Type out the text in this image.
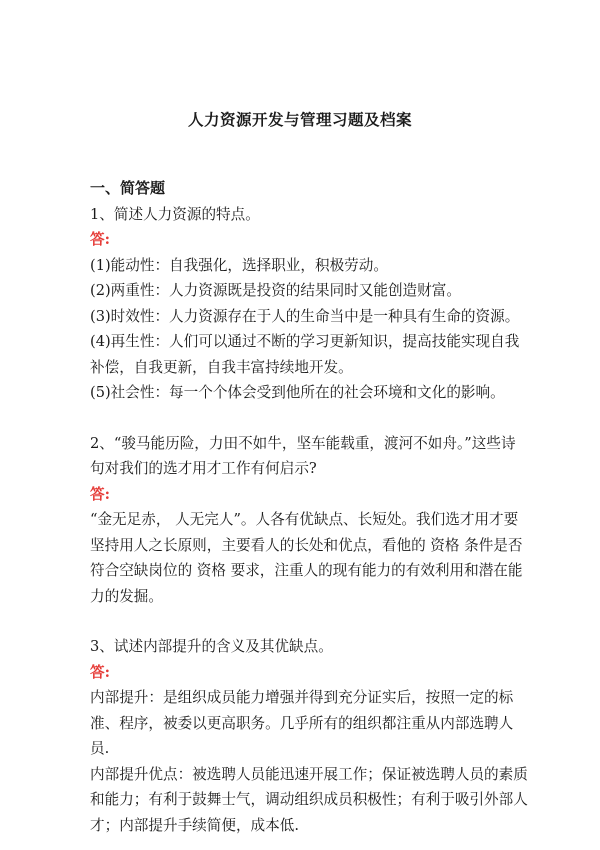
人力资源开发与管理习题及档案

一、简答题

1、简述人力资源的特点。

答:

(1)能动性：自我强化，选择职业，积极劳动。

(2)两重性：人力资源既是投资的结果同时又能创造财富。

(3)时效性：人力资源存在于人的生命当中是一种具有生命的资源。

(4)再生性：人们可以通过不断的学习更新知识，提高技能实现自我补偿，自我更新，自我丰富持续地开发。

(5)社会性：每一个个体会受到他所在的社会环境和文化的影响。

2、“骏马能历险，力田不如牛，坚车能载重，渡河不如舟。”这些诗句对我们的选才用才工作有何启示?

答:

“金无足赤， 人无完人”。人各有优缺点、长短处。我们选才用才要坚持用人之长原则，主要看人的长处和优点，看他的 资格 条件是否符合空缺岗位的 资格 要求，注重人的现有能力的有效利用和潜在能力的发掘。

3、试述内部提升的含义及其优缺点。

答:

内部提升：是组织成员能力增强并得到充分证实后，按照一定的标准、程序，被委以更高职务。几乎所有的组织都注重从内部选聘人员.

内部提升优点：被选聘人员能迅速开展工作；保证被选聘人员的素质和能力；有利于鼓舞士气，调动组织成员积极性；有利于吸引外部人才；内部提升手续简便，成本低.
